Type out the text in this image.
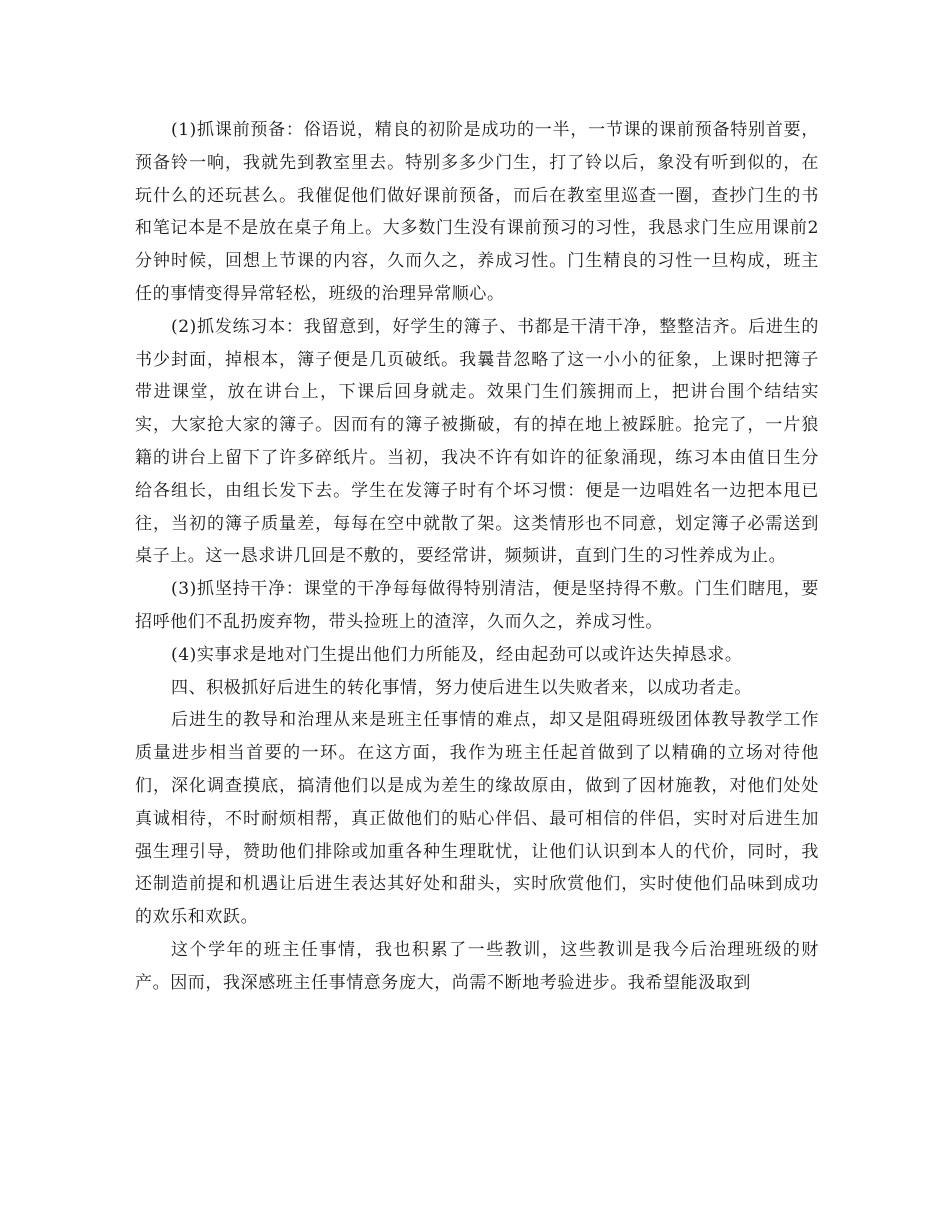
(1)抓课前预备：俗语说，精良的初阶是成功的一半，一节课的课前预备特别首要，预备铃一响，我就先到教室里去。特别多多少门生，打了铃以后，象没有听到似的，在玩什么的还玩甚么。我催促他们做好课前预备，而后在教室里巡查一圈，查抄门生的书和笔记本是不是放在桌子角上。大多数门生没有课前预习的习性，我恳求门生应用课前2分钟时候，回想上节课的内容，久而久之，养成习性。门生精良的习性一旦构成，班主任的事情变得异常轻松，班级的治理异常顺心。

(2)抓发练习本：我留意到，好学生的簿子、书都是干清干净，整整洁齐。后进生的书少封面，掉根本，簿子便是几页破纸。我曩昔忽略了这一小小的征象，上课时把簿子带进课堂，放在讲台上，下课后回身就走。效果门生们簇拥而上，把讲台围个结结实实，大家抢大家的簿子。因而有的簿子被撕破，有的掉在地上被踩脏。抢完了，一片狼籍的讲台上留下了许多碎纸片。当初，我决不许有如许的征象涌现，练习本由值日生分给各组长，由组长发下去。学生在发簿子时有个坏习惯：便是一边唱姓名一边把本甩已往，当初的簿子质量差，每每在空中就散了架。这类情形也不同意，划定簿子必需送到桌子上。这一恳求讲几回是不敷的，要经常讲，频频讲，直到门生的习性养成为止。

(3)抓坚持干净：课堂的干净每每做得特别清洁，便是坚持得不敷。门生们瞎甩，要招呼他们不乱扔废弃物，带头捡班上的渣滓，久而久之，养成习性。

(4)实事求是地对门生提出他们力所能及，经由起劲可以或许达失掉恳求。

四、积极抓好后进生的转化事情，努力使后进生以失败者来，以成功者走。

后进生的教导和治理从来是班主任事情的难点，却又是阻碍班级团体教导教学工作质量进步相当首要的一环。在这方面，我作为班主任起首做到了以精确的立场对待他们，深化调查摸底，搞清他们以是成为差生的缘故原由，做到了因材施教，对他们处处真诚相待，不时耐烦相帮，真正做他们的贴心伴侣、最可相信的伴侣，实时对后进生加强生理引导，赞助他们排除或加重各种生理耽忧，让他们认识到本人的代价，同时，我还制造前提和机遇让后进生表达其好处和甜头，实时欣赏他们，实时使他们品味到成功的欢乐和欢跃。

这个学年的班主任事情，我也积累了一些教训，这些教训是我今后治理班级的财产。因而，我深感班主任事情意务庞大，尚需不断地考验进步。我希望能汲取到
